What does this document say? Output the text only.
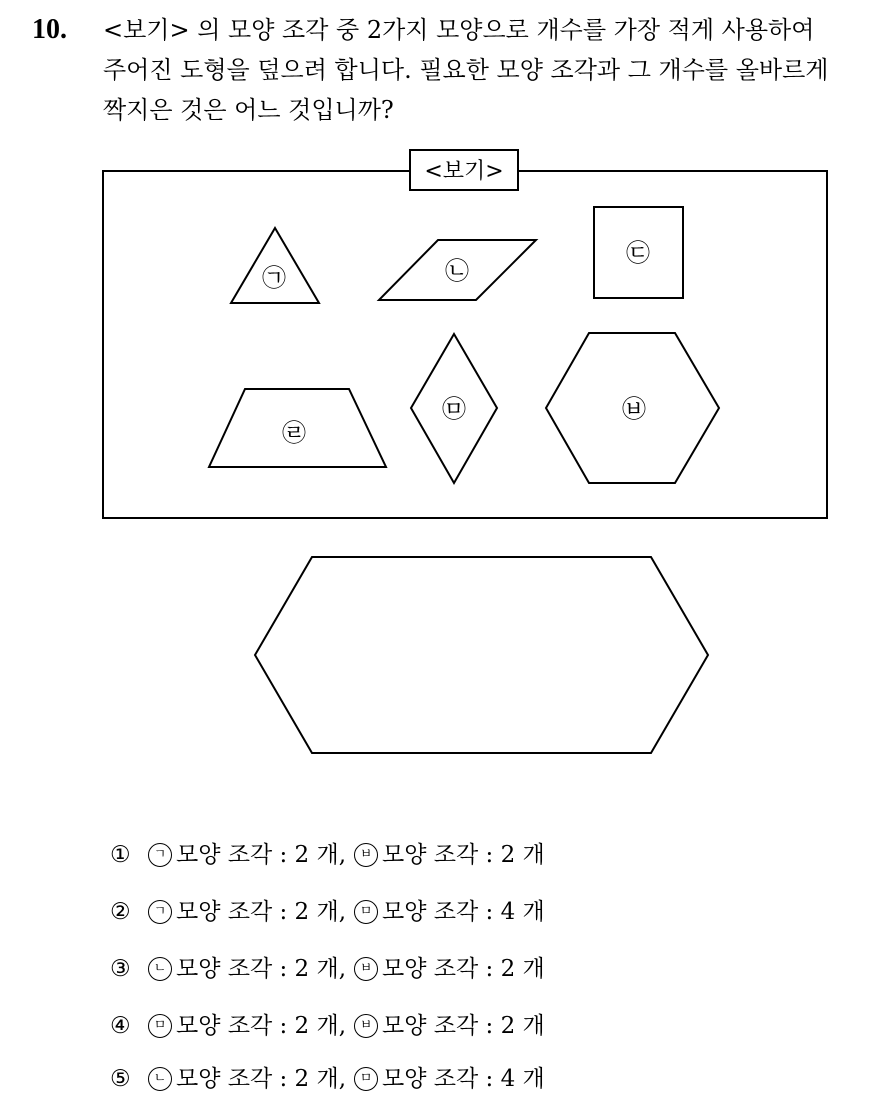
10. <보기> 의 모양 조각 중 2가지 모양으로 개수를 가장 적게 사용하여
주어진 도형을 덮으려 합니다. 필요한 모양 조각과 그 개수를 올바르게
짝지은 것은 어느 것입니까?
<보기>
㉠	㉡
㉢
㉣
㉤	㉥
①	ㄱ 모양 조각 : 2 개,	ㅂ 모양 조각 : 2 개
②	ㄱ 모양 조각 : 2 개,	ㅁ 모양 조각 : 4 개
③	ㄴ 모양 조각 : 2 개,	ㅂ 모양 조각 : 2 개
④	ㅁ 모양 조각 : 2 개,	ㅂ 모양 조각 : 2 개
⑤	ㄴ 모양 조각 : 2 개,	ㅁ 모양 조각 : 4 개
